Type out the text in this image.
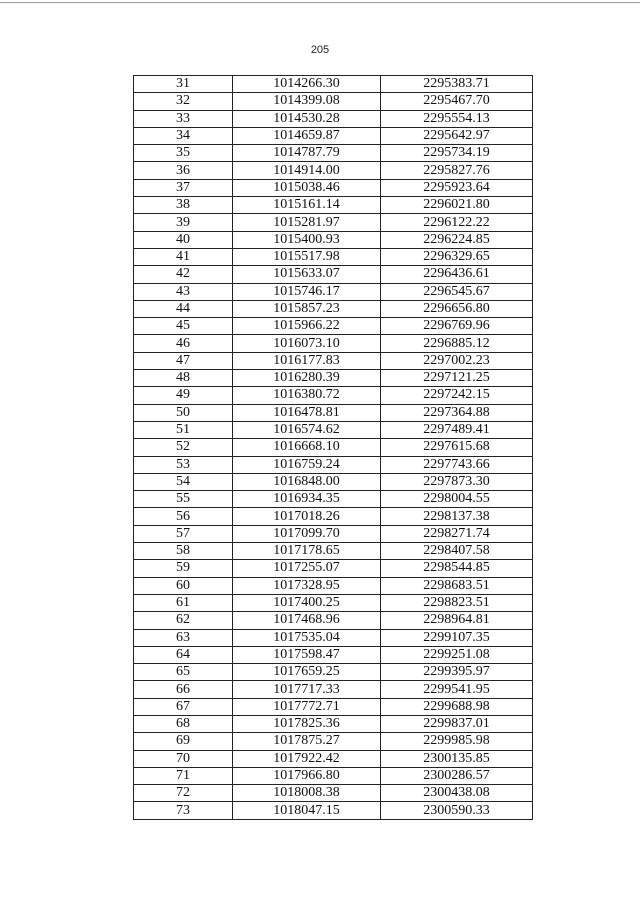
205
31	1014266.30	2295383.71
32	1014399.08	2295467.70
33	1014530.28	2295554.13
34	1014659.87	2295642.97
35	1014787.79	2295734.19
36	1014914.00	2295827.76
37	1015038.46	2295923.64
38	1015161.14	2296021.80
39	1015281.97	2296122.22
40	1015400.93	2296224.85
41	1015517.98	2296329.65
42	1015633.07	2296436.61
43	1015746.17	2296545.67
44	1015857.23	2296656.80
45	1015966.22	2296769.96
46	1016073.10	2296885.12
47	1016177.83	2297002.23
48	1016280.39	2297121.25
49	1016380.72	2297242.15
50	1016478.81	2297364.88
51	1016574.62	2297489.41
52	1016668.10	2297615.68
53	1016759.24	2297743.66
54	1016848.00	2297873.30
55	1016934.35	2298004.55
56	1017018.26	2298137.38
57	1017099.70	2298271.74
58	1017178.65	2298407.58
59	1017255.07	2298544.85
60	1017328.95	2298683.51
61	1017400.25	2298823.51
62	1017468.96	2298964.81
63	1017535.04	2299107.35
64	1017598.47	2299251.08
65	1017659.25	2299395.97
66	1017717.33	2299541.95
67	1017772.71	2299688.98
68	1017825.36	2299837.01
69	1017875.27	2299985.98
70	1017922.42	2300135.85
71	1017966.80	2300286.57
72	1018008.38	2300438.08
73	1018047.15	2300590.33
